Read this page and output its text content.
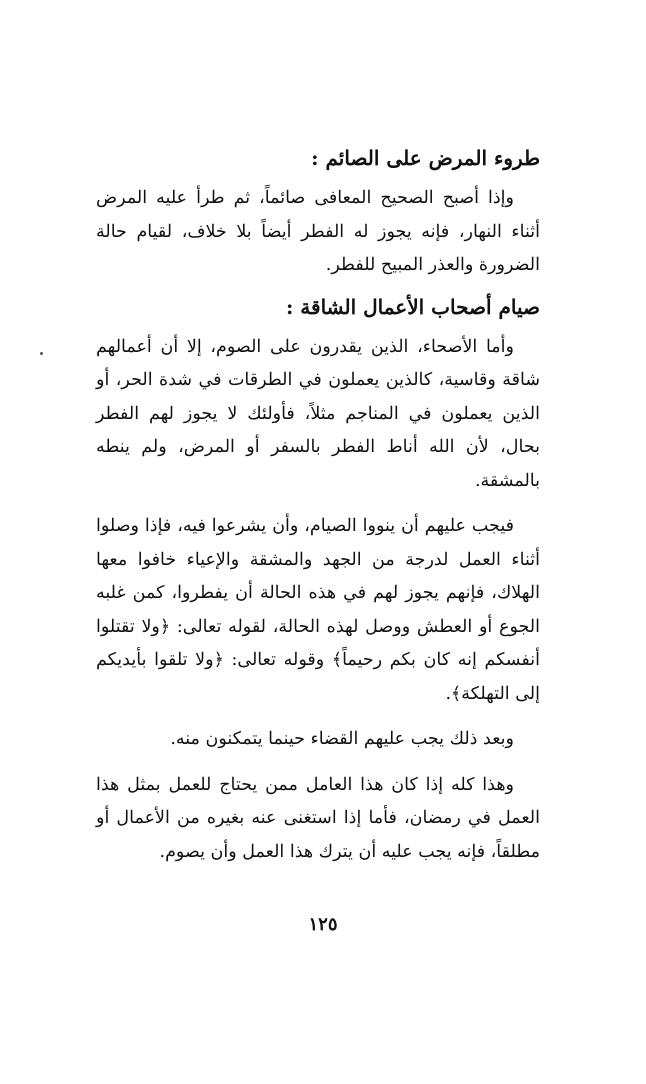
طروء المرض على الصائم :

وإذا أصبح الصحيح المعافى صائماً، ثم طرأ عليه المرض أثناء النهار، فإنه يجوز له الفطر أيضاً بلا خلاف، لقيام حالة الضرورة والعذر المبيح للفطر.

صيام أصحاب الأعمال الشاقة :

وأما الأصحاء، الذين يقدرون على الصوم، إلا أن أعمالهم شاقة وقاسية، كالذين يعملون في الطرقات في شدة الحر، أو الذين يعملون في المناجم مثلاً، فأولئك لا يجوز لهم الفطر بحال، لأن الله أناط الفطر بالسفر أو المرض، ولم ينطه بالمشقة.

فيجب عليهم أن ينووا الصيام، وأن يشرعوا فيه، فإذا وصلوا أثناء العمل لدرجة من الجهد والمشقة والإعياء خافوا معها الهلاك، فإنهم يجوز لهم في هذه الحالة أن يفطروا، كمن غلبه الجوع أو العطش ووصل لهذه الحالة، لقوله تعالى: ﴿ولا تقتلوا أنفسكم إنه كان بكم رحيماً﴾ وقوله تعالى: ﴿ولا تلقوا بأيديكم إلى التهلكة﴾.

وبعد ذلك يجب عليهم القضاء حينما يتمكنون منه.

وهذا كله إذا كان هذا العامل ممن يحتاج للعمل بمثل هذا العمل في رمضان، فأما إذا استغنى عنه بغيره من الأعمال أو مطلقاً، فإنه يجب عليه أن يترك هذا العمل وأن يصوم.

١٢٥
